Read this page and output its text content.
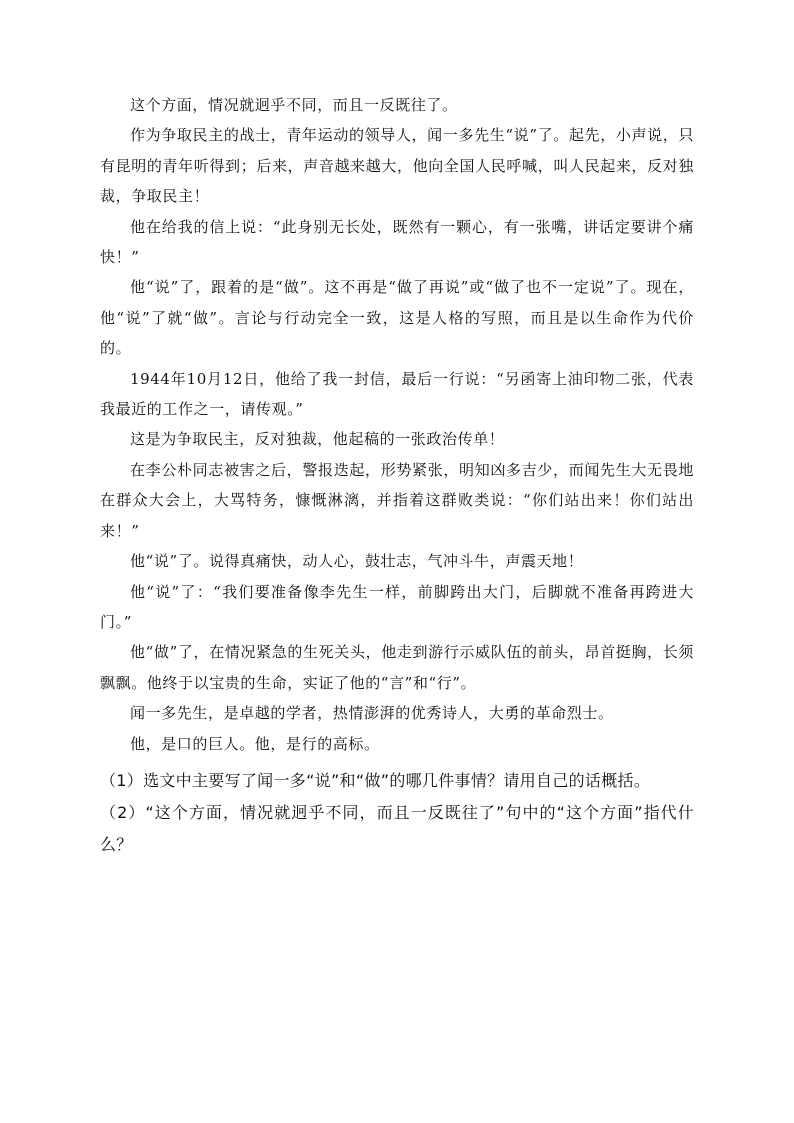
这个方面，情况就迥乎不同，而且一反既往了。

作为争取民主的战士，青年运动的领导人，闻一多先生“说”了。起先，小声说，只有昆明的青年听得到；后来，声音越来越大，他向全国人民呼喊，叫人民起来，反对独裁，争取民主！

他在给我的信上说：“此身别无长处，既然有一颗心，有一张嘴，讲话定要讲个痛快！”

他“说”了，跟着的是“做”。这不再是“做了再说”或“做了也不一定说”了。现在，他“说”了就“做”。言论与行动完全一致，这是人格的写照，而且是以生命作为代价的。

1944年10月12日，他给了我一封信，最后一行说：“另函寄上油印物二张，代表我最近的工作之一，请传观。”

这是为争取民主，反对独裁，他起稿的一张政治传单！

在李公朴同志被害之后，警报迭起，形势紧张，明知凶多吉少，而闻先生大无畏地在群众大会上，大骂特务，慷慨淋漓，并指着这群败类说：“你们站出来！你们站出来！”

他“说”了。说得真痛快，动人心，鼓壮志，气冲斗牛，声震天地！

他“说”了：“我们要准备像李先生一样，前脚跨出大门，后脚就不准备再跨进大门。”

他“做”了，在情况紧急的生死关头，他走到游行示威队伍的前头，昂首挺胸，长须飘飘。他终于以宝贵的生命，实证了他的“言”和“行”。

闻一多先生，是卓越的学者，热情澎湃的优秀诗人，大勇的革命烈士。

他，是口的巨人。他，是行的高标。

（1）选文中主要写了闻一多“说”和“做”的哪几件事情？请用自己的话概括。

（2）“这个方面，情况就迥乎不同，而且一反既往了”句中的“这个方面”指代什么？
